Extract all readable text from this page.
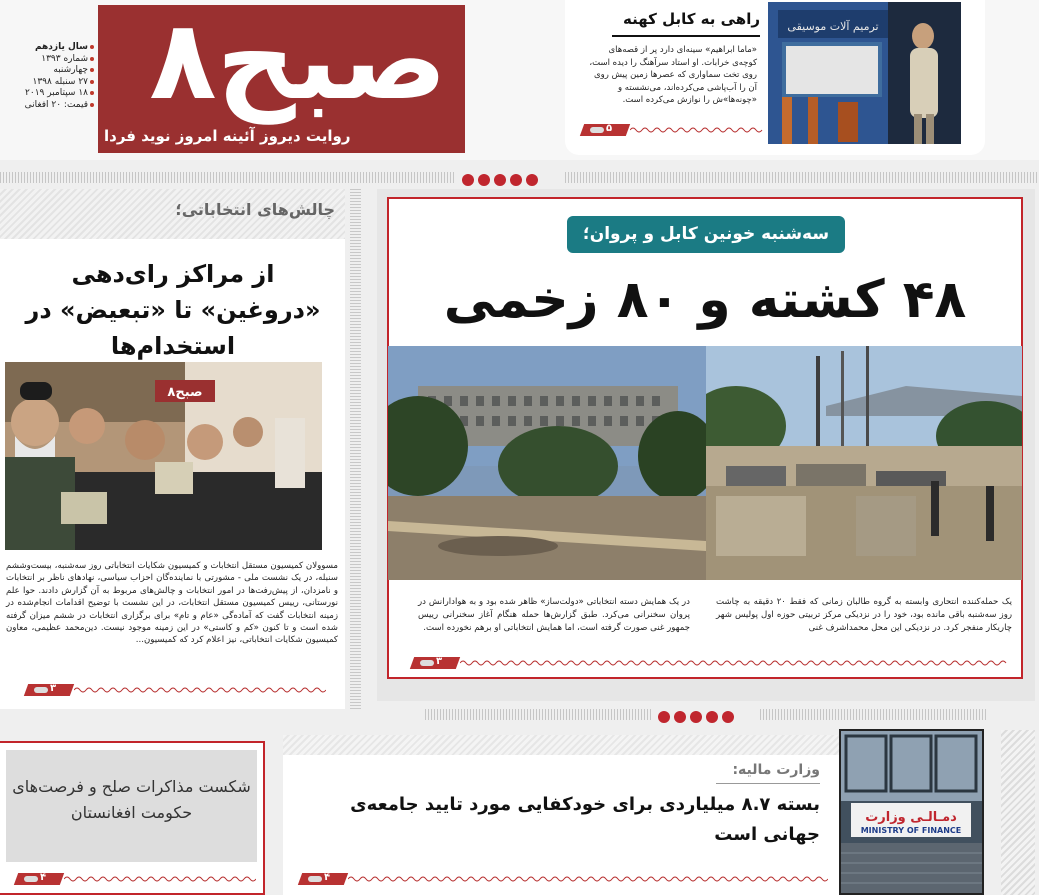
سال یازدهم
شماره ۱۳۹۳
چهارشنبه
۲۷ سنبله ۱۳۹۸
۱۸ سپتامبر ۲۰۱۹
قیمت: ۲۰ افغانی ۸صبح
روایت دیروز آئینه امروز نوید فردا
راهی به کابل کهنه
«ماما ابراهیم» سینه‌ای دارد پر از قصه‌های کوچه‌ی خرابات. او استاد سرآهنگ را دیده است، روی تخت سماواری که عصرها زمین پیش روی آن را آب‌پاشی می‌کرده‌اند، می‌نشسته و «چونه‌ها»ش را نوازش می‌کرده است.
۵
ترمیم آلات موسیقی
چالش‌های انتخاباتی؛
از مراکز رای‌دهی «دروغین» تا «تبعیض» در استخدام‌ها
۸صبح
مسوولان کمیسیون مستقل انتخابات و کمیسیون شکایات انتخاباتی روز سه‌شنبه، بیست‌وششم سنبله، در یک نشست ملی - مشورتی با نماینده‌گان احزاب سیاسی، نهادهای ناظر بر انتخابات و نامزدان، از پیش‌رفت‌ها در امور انتخابات و چالش‌های مربوط به آن گزارش دادند. حوا علم نورستانی، رییس کمیسیون مستقل انتخابات، در این نشست با توضیح اقدامات انجام‌شده در زمینه انتخابات گفت که آماده‌گی «عام و تام» برای برگزاری انتخابات در ششم میزان گرفته شده است و تا کنون «کم و کاستی» در این زمینه موجود نیست. دین‌محمد عظیمی، معاون کمیسیون شکایات انتخاباتی، نیز اعلام کرد که کمیسیون...
۳
سه‌شنبه خونین کابل و پروان؛
۴۸ کشته و ۸۰ زخمی
یک حمله‌کننده انتحاری وابسته به گروه طالبان زمانی که فقط ۲۰ دقیقه به چاشت روز سه‌شنبه باقی مانده بود، خود را در نزدیکی مرکز تربیتی حوزه اول پولیس شهر چاریکار منفجر کرد. در نزدیکی این محل محمداشرف غنی
در یک همایش دسته انتخاباتی «دولت‌ساز» ظاهر شده بود و به هوادارانش در پروان سخنرانی می‌کرد. طبق گزارش‌ها حمله هنگام آغاز سخنرانی رییس جمهور غنی صورت گرفته است، اما همایش انتخاباتی او برهم نخورده است.
۳
شکست مذاکرات صلح و فرصت‌های حکومت افغانستان
۴
وزارت مالیه:
بسته ۸.۷ میلیاردی برای خودکفایی مورد تایید جامعه‌ی جهانی است
۴
دمـالـی وزارت
MINISTRY OF FINANCE
